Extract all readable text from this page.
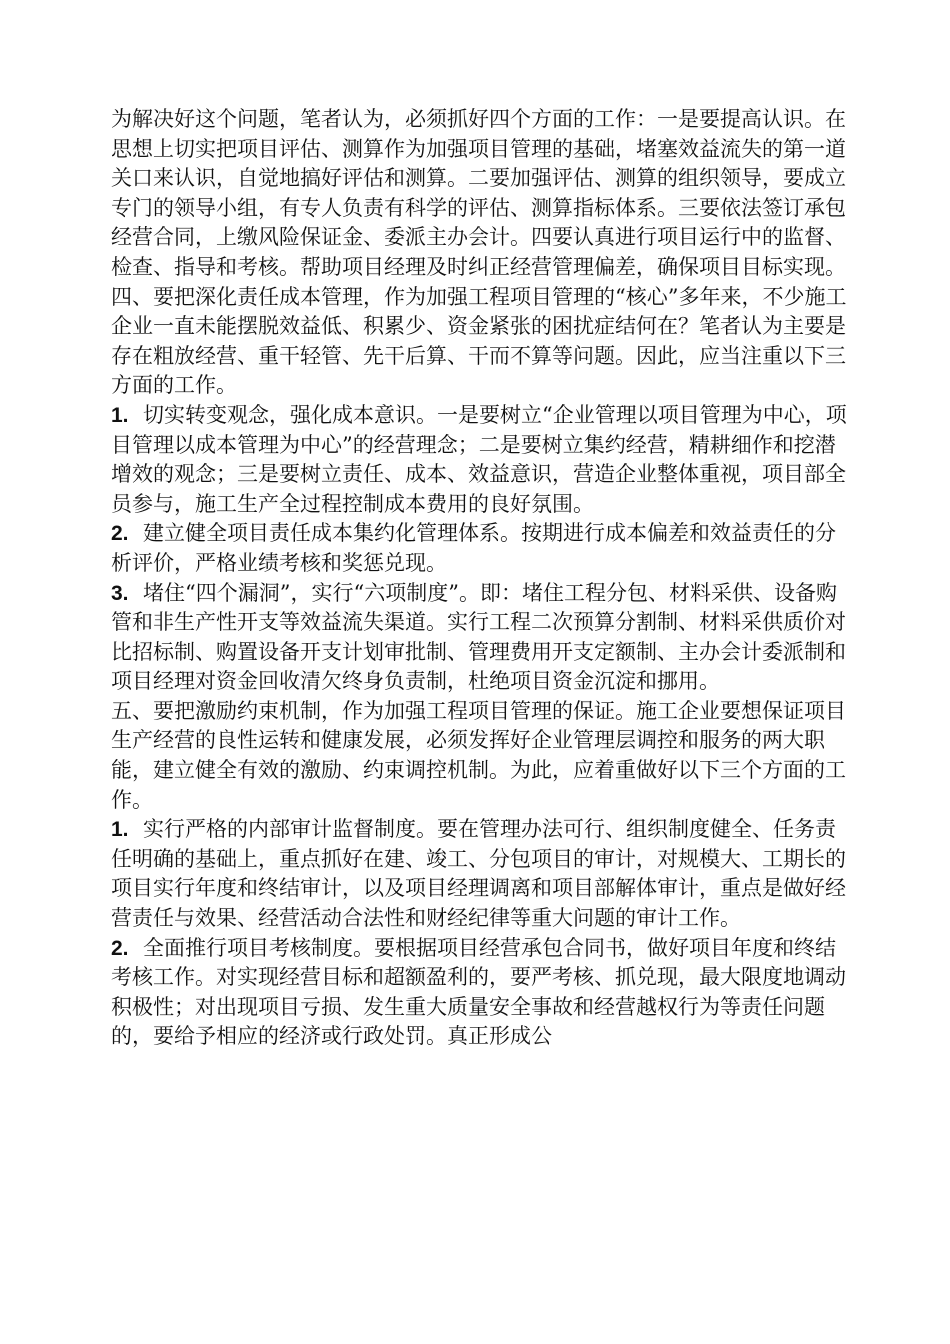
为解决好这个问题，笔者认为，必须抓好四个方面的工作：一是要提高认识。在思想上切实把项目评估、测算作为加强项目管理的基础，堵塞效益流失的第一道关口来认识，自觉地搞好评估和测算。二要加强评估、测算的组织领导，要成立专门的领导小组，有专人负责有科学的评估、测算指标体系。三要依法签订承包经营合同，上缴风险保证金、委派主办会计。四要认真进行项目运行中的监督、检查、指导和考核。帮助项目经理及时纠正经营管理偏差，确保项目目标实现。

四、要把深化责任成本管理，作为加强工程项目管理的“核心”多年来，不少施工企业一直未能摆脱效益低、积累少、资金紧张的困扰症结何在？笔者认为主要是存在粗放经营、重干轻管、先干后算、干而不算等问题。因此，应当注重以下三方面的工作。

1. 切实转变观念，强化成本意识。一是要树立“企业管理以项目管理为中心，项目管理以成本管理为中心”的经营理念；二是要树立集约经营，精耕细作和挖潜增效的观念；三是要树立责任、成本、效益意识，营造企业整体重视，项目部全员参与，施工生产全过程控制成本费用的良好氛围。

2. 建立健全项目责任成本集约化管理体系。按期进行成本偏差和效益责任的分析评价，严格业绩考核和奖惩兑现。

3. 堵住“四个漏洞”，实行“六项制度”。即：堵住工程分包、材料采供、设备购管和非生产性开支等效益流失渠道。实行工程二次预算分割制、材料采供质价对比招标制、购置设备开支计划审批制、管理费用开支定额制、主办会计委派制和项目经理对资金回收清欠终身负责制，杜绝项目资金沉淀和挪用。

五、要把激励约束机制，作为加强工程项目管理的保证。施工企业要想保证项目生产经营的良性运转和健康发展，必须发挥好企业管理层调控和服务的两大职能，建立健全有效的激励、约束调控机制。为此，应着重做好以下三个方面的工作。

1. 实行严格的内部审计监督制度。要在管理办法可行、组织制度健全、任务责任明确的基础上，重点抓好在建、竣工、分包项目的审计，对规模大、工期长的项目实行年度和终结审计，以及项目经理调离和项目部解体审计，重点是做好经营责任与效果、经营活动合法性和财经纪律等重大问题的审计工作。

2. 全面推行项目考核制度。要根据项目经营承包合同书，做好项目年度和终结考核工作。对实现经营目标和超额盈利的，要严考核、抓兑现，最大限度地调动积极性；对出现项目亏损、发生重大质量安全事故和经营越权行为等责任问题的，要给予相应的经济或行政处罚。真正形成公
